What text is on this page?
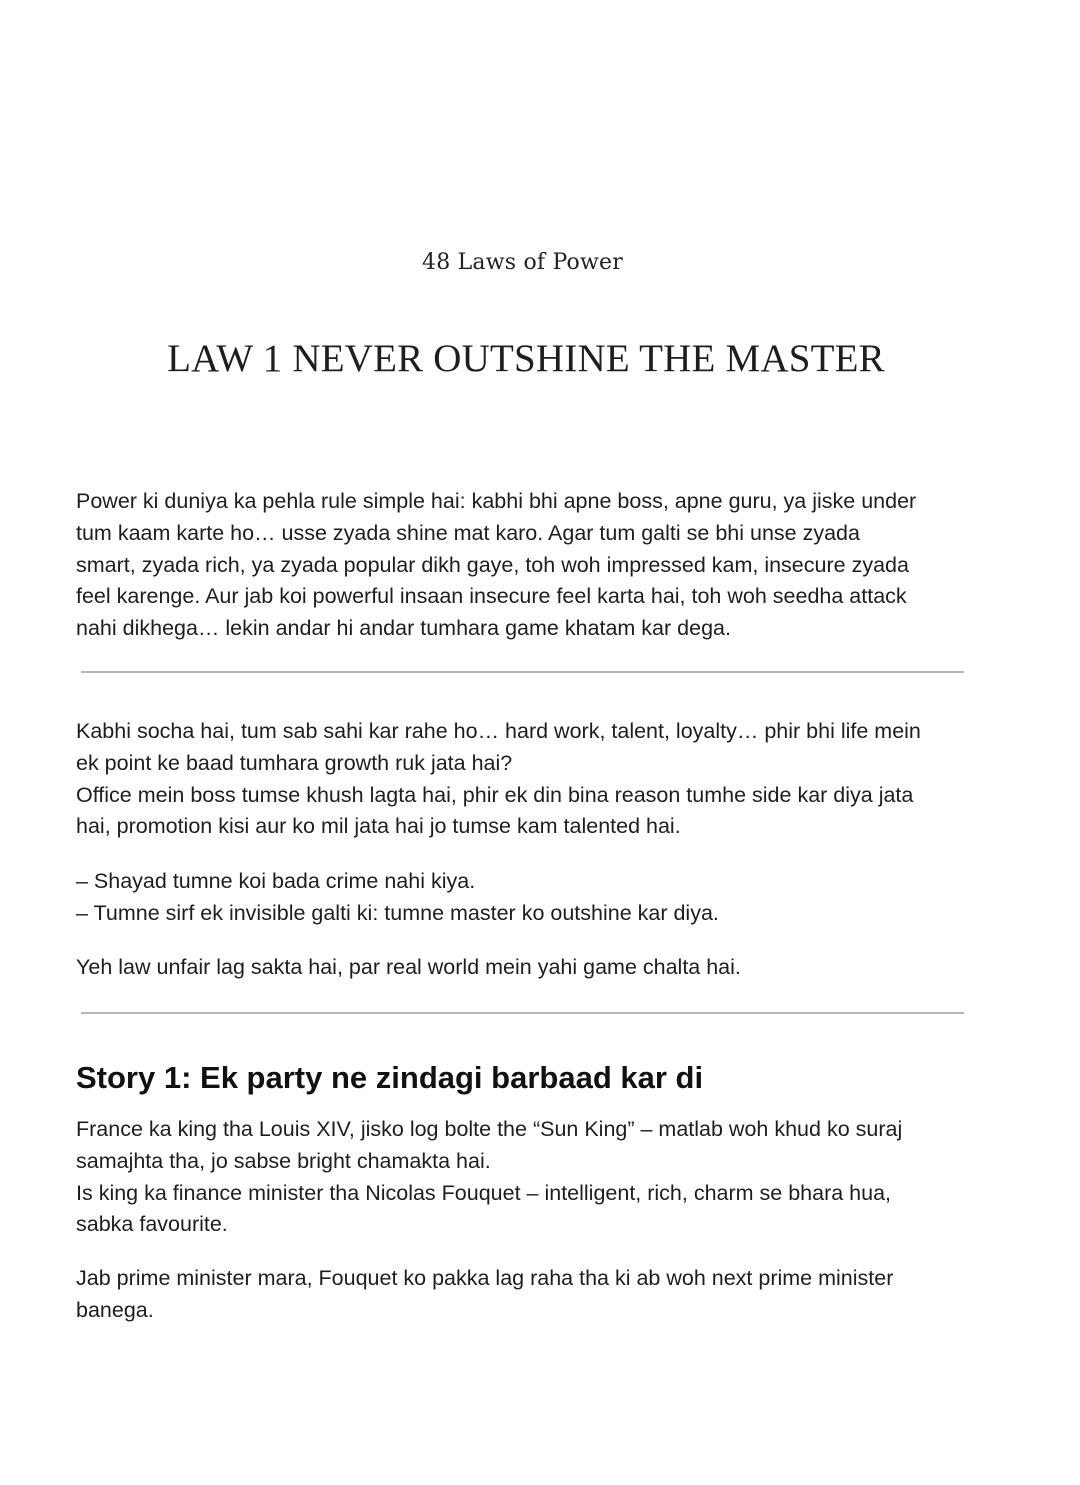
48 Laws of Power
LAW 1 NEVER OUTSHINE THE MASTER
Power ki duniya ka pehla rule simple hai: kabhi bhi apne boss, apne guru, ya jiske under
tum kaam karte ho… usse zyada shine mat karo. Agar tum galti se bhi unse zyada
smart, zyada rich, ya zyada popular dikh gaye, toh woh impressed kam, insecure zyada
feel karenge. Aur jab koi powerful insaan insecure feel karta hai, toh woh seedha attack
nahi dikhega… lekin andar hi andar tumhara game khatam kar dega.
Kabhi socha hai, tum sab sahi kar rahe ho… hard work, talent, loyalty… phir bhi life mein
ek point ke baad tumhara growth ruk jata hai?
Office mein boss tumse khush lagta hai, phir ek din bina reason tumhe side kar diya jata
hai, promotion kisi aur ko mil jata hai jo tumse kam talented hai.
– Shayad tumne koi bada crime nahi kiya.
– Tumne sirf ek invisible galti ki: tumne master ko outshine kar diya.
Yeh law unfair lag sakta hai, par real world mein yahi game chalta hai.
Story 1: Ek party ne zindagi barbaad kar di
France ka king tha Louis XIV, jisko log bolte the “Sun King” – matlab woh khud ko suraj
samajhta tha, jo sabse bright chamakta hai.
Is king ka finance minister tha Nicolas Fouquet – intelligent, rich, charm se bhara hua,
sabka favourite.
Jab prime minister mara, Fouquet ko pakka lag raha tha ki ab woh next prime minister
banega.
